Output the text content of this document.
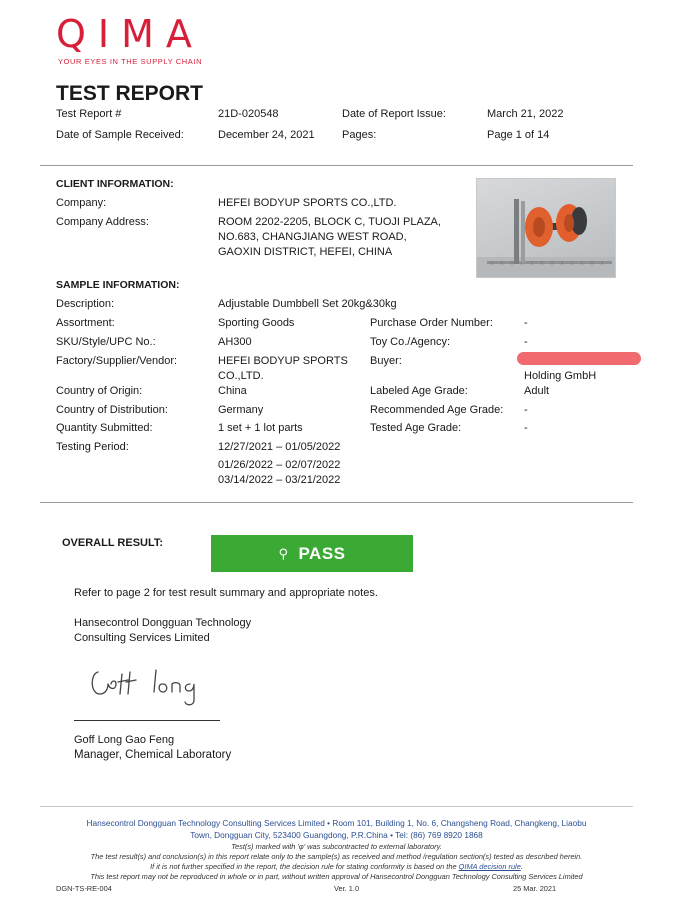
QIMA
YOUR EYES IN THE SUPPLY CHAIN
TEST REPORT
Test Report #	21D-020548	Date of Report Issue:	March 21, 2022
Date of Sample Received:	December 24, 2021 Pages:	Page 1 of 14
CLIENT INFORMATION:
Company:	HEFEI BODYUP SPORTS CO.,LTD.
Company Address:	ROOM 2202-2205, BLOCK C, TUOJI PLAZA,
NO.683, CHANGJIANG WEST ROAD,
GAOXIN DISTRICT, HEFEI, CHINA
SAMPLE INFORMATION:
Description:	Adjustable Dumbbell Set 20kg&30kg
Assortment:	Sporting Goods	Purchase Order Number:	-
SKU/Style/UPC No.:	AH300	Toy Co./Agency:	-
Factory/Supplier/Vendor:	HEFEI BODYUP SPORTS
CO.,LTD.
Buyer:
Holding GmbH
Country of Origin:	China	Labeled Age Grade:	Adult
Country of Distribution:	Germany	Recommended Age Grade: -
Quantity Submitted:	1 set + 1 lot parts	Tested Age Grade:	-
Testing Period:	12/27/2021 – 01/05/2022
01/26/2022 – 02/07/2022
03/14/2022 – 03/21/2022
OVERALL RESULT:
⚲ PASS
Refer to page 2 for test result summary and appropriate notes.
Hansecontrol Dongguan Technology
Consulting Services Limited
Goff Long Gao Feng
Manager, Chemical Laboratory
Hansecontrol Dongguan Technology Consulting Services Limited • Room 101, Building 1, No. 6, Changsheng Road, Changkeng, Liaobu
Town, Dongguan City, 523400 Guangdong, P.R.China • Tel: (86) 769 8920 1868
Test(s) marked with 'φ' was subcontracted to external laboratory.
The test result(s) and conclusion(s) in this report relate only to the sample(s) as received and method /regulation section(s) tested as described herein.
If it is not further specified in the report, the decision rule for stating conformity is based on the QIMA decision rule.
This test report may not be reproduced in whole or in part, without written approval of Hansecontrol Dongguan Technology Consulting Services Limited
DGN-TS-RE-004	Ver. 1.0	25 Mar. 2021
